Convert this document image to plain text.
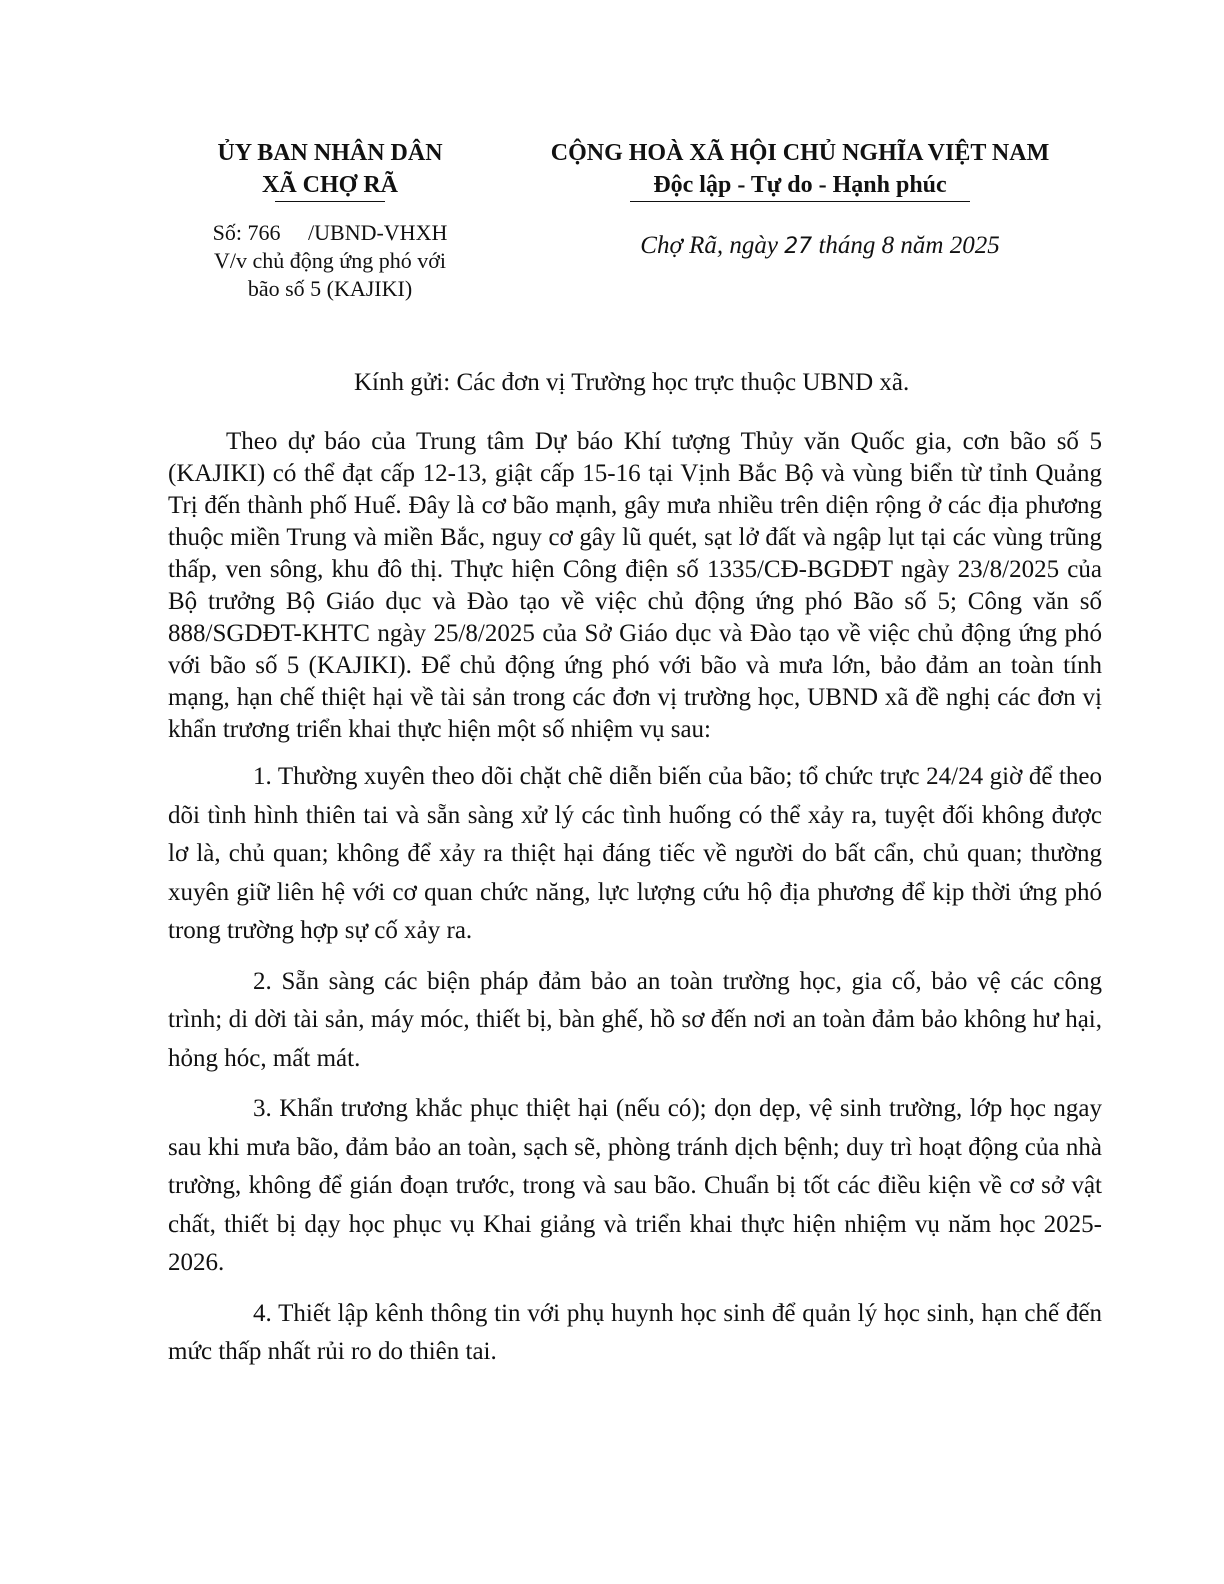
ỦY BAN NHÂN DÂN
XÃ CHỢ RÃ
CỘNG HOÀ XÃ HỘI CHỦ NGHĨA VIỆT NAM
Độc lập - Tự do - Hạnh phúc
Số: 766 /UBND-VHXH
V/v chủ động ứng phó với
bão số 5 (KAJIKI)
Chợ Rã, ngày 27 tháng 8 năm 2025
Kính gửi: Các đơn vị Trường học trực thuộc UBND xã.

Theo dự báo của Trung tâm Dự báo Khí tượng Thủy văn Quốc gia, cơn bão số 5 (KAJIKI) có thể đạt cấp 12-13, giật cấp 15-16 tại Vịnh Bắc Bộ và vùng biển từ tỉnh Quảng Trị đến thành phố Huế. Đây là cơ bão mạnh, gây mưa nhiều trên diện rộng ở các địa phương thuộc miền Trung và miền Bắc, nguy cơ gây lũ quét, sạt lở đất và ngập lụt tại các vùng trũng thấp, ven sông, khu đô thị. Thực hiện Công điện số 1335/CĐ-BGDĐT ngày 23/8/2025 của Bộ trưởng Bộ Giáo dục và Đào tạo về việc chủ động ứng phó Bão số 5; Công văn số 888/SGDĐT-KHTC ngày 25/8/2025 của Sở Giáo dục và Đào tạo về việc chủ động ứng phó với bão số 5 (KAJIKI). Để chủ động ứng phó với bão và mưa lớn, bảo đảm an toàn tính mạng, hạn chế thiệt hại về tài sản trong các đơn vị trường học, UBND xã đề nghị các đơn vị khẩn trương triển khai thực hiện một số nhiệm vụ sau:

1. Thường xuyên theo dõi chặt chẽ diễn biến của bão; tổ chức trực 24/24 giờ để theo dõi tình hình thiên tai và sẵn sàng xử lý các tình huống có thể xảy ra, tuyệt đối không được lơ là, chủ quan; không để xảy ra thiệt hại đáng tiếc về người do bất cẩn, chủ quan; thường xuyên giữ liên hệ với cơ quan chức năng, lực lượng cứu hộ địa phương để kịp thời ứng phó trong trường hợp sự cố xảy ra.

2. Sẵn sàng các biện pháp đảm bảo an toàn trường học, gia cố, bảo vệ các công trình; di dời tài sản, máy móc, thiết bị, bàn ghế, hồ sơ đến nơi an toàn đảm bảo không hư hại, hỏng hóc, mất mát.

3. Khẩn trương khắc phục thiệt hại (nếu có); dọn dẹp, vệ sinh trường, lớp học ngay sau khi mưa bão, đảm bảo an toàn, sạch sẽ, phòng tránh dịch bệnh; duy trì hoạt động của nhà trường, không để gián đoạn trước, trong và sau bão. Chuẩn bị tốt các điều kiện về cơ sở vật chất, thiết bị dạy học phục vụ Khai giảng và triển khai thực hiện nhiệm vụ năm học 2025-2026.

4. Thiết lập kênh thông tin với phụ huynh học sinh để quản lý học sinh, hạn chế đến mức thấp nhất rủi ro do thiên tai.
